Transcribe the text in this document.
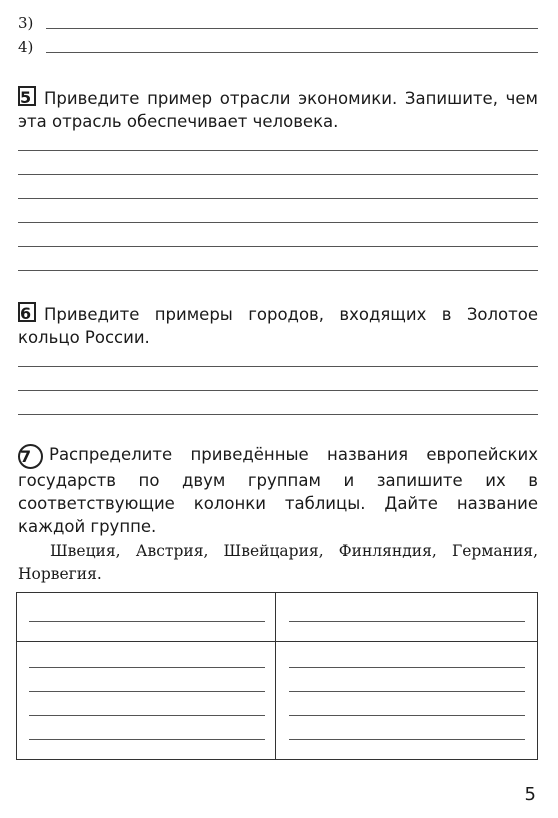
3)
4)
5 Приведите пример отрасли экономики. Запишите, чем эта отрасль обеспечивает человека.
6 Приведите примеры городов, входящих в Золотое кольцо России.
7 Распределите приведённые названия европейских государств по двум группам и запишите их в соответствующие колонки таблицы. Дайте название каждой группе.
Швеция, Австрия, Швейцария, Финляндия, Германия, Норвегия.
5
